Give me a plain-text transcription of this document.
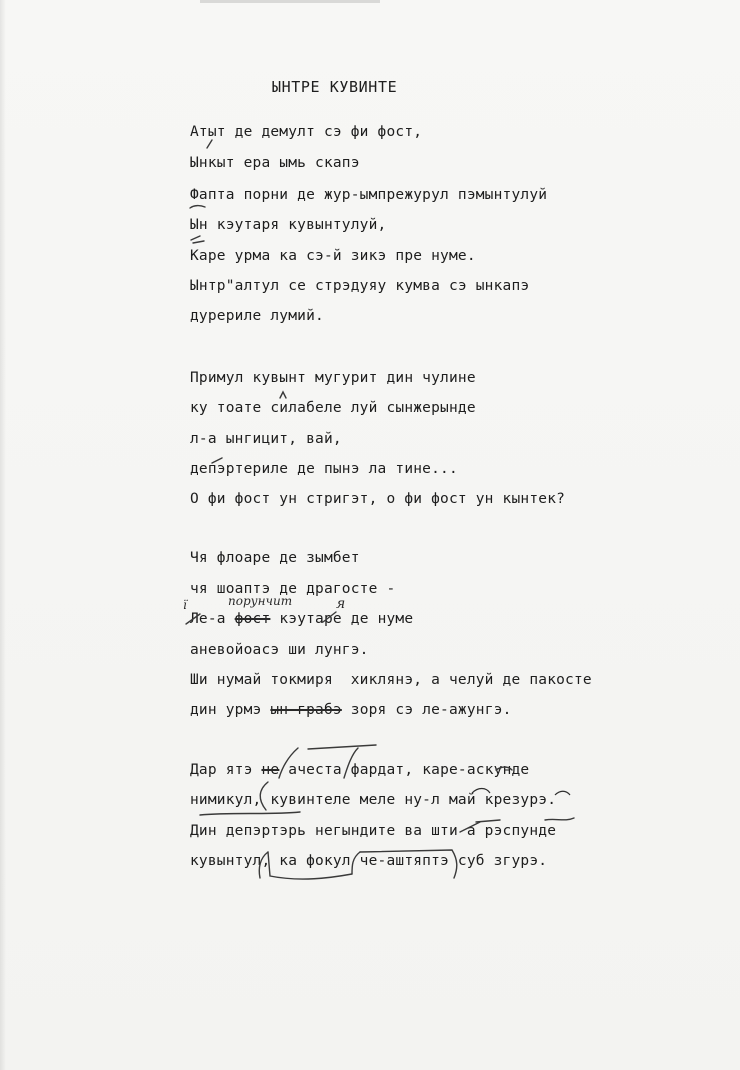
ЫНТРЕ КУВИНТЕ
Атыт де демулт сэ фи фост,
Ынкыт ера ымь скапэ
Фапта порни де жур-ымпрежурул пэмынтулуй
Ын кэутаря кувынтулуй,
Каре урма ка сэ-й зикэ пре нуме.
Ынтр"алтул се стрэдуяу кумва сэ ынкапэ
дурериле лумий.
Примул кувынт мугурит дин чулине
ку тоате силабеле луй сынжерынде
л-а ынгицит, вай,
депэртериле де пынэ ла тине...
О фи фост ун стригэт, о фи фост ун кынтек?
Чя флоаре де зымбет
чя шоаптэ де драгосте -
Ле-а фост кэутаре де нуме
аневойоасэ ши лунгэ.
Ши нумай токмиря  хиклянэ, а челуй де пакосте
дин урмэ ын грабэ зоря сэ ле-ажунгэ.
Дар ятэ не ачеста фардат, каре-аскунде
нимикул, кувинтеле меле ну-л май крезурэ.
Дин депэртэрь негындите ва шти а рэспунде
кувынтул, ка фокул че-аштяптэ суб згурэ.
порунчит	я
ї
